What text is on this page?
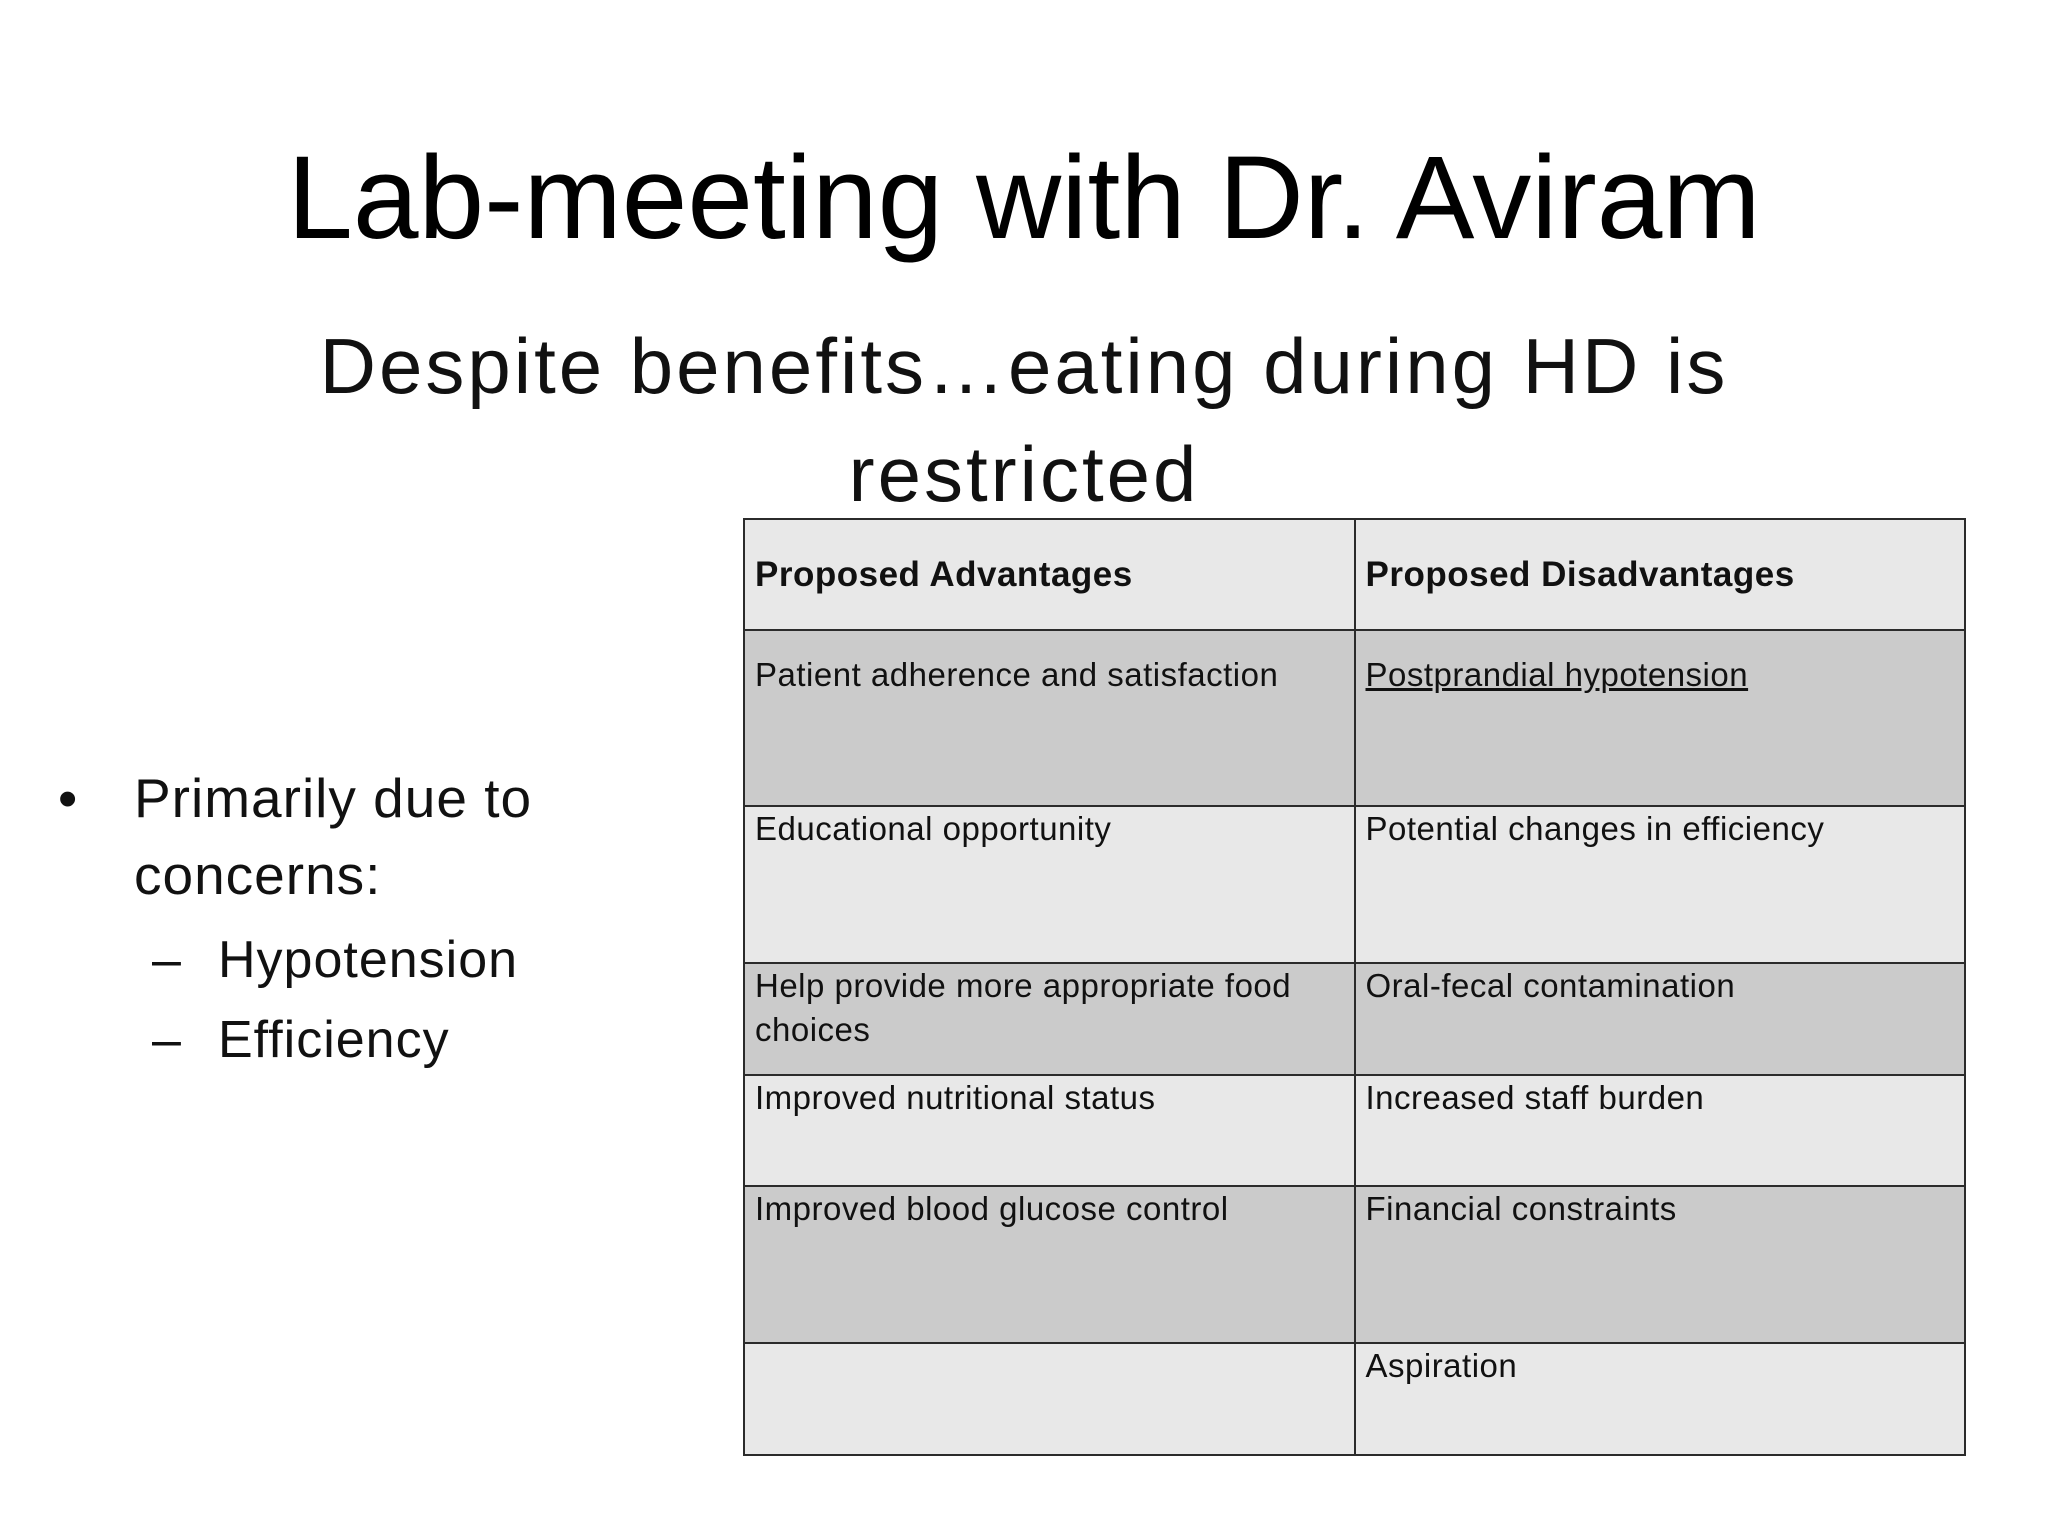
Lab-meeting with Dr. Aviram
Despite benefits…eating during HD is restricted
• Primarily due to concerns:
– Hypotension
– Efficiency
Proposed Advantages	Proposed Disadvantages
Patient adherence and satisfaction	Postprandial hypotension
Educational opportunity	Potential changes in efficiency
Help provide more appropriate food choices	Oral-fecal contamination
Improved nutritional status	Increased staff burden
Improved blood glucose control	Financial constraints
	Aspiration
